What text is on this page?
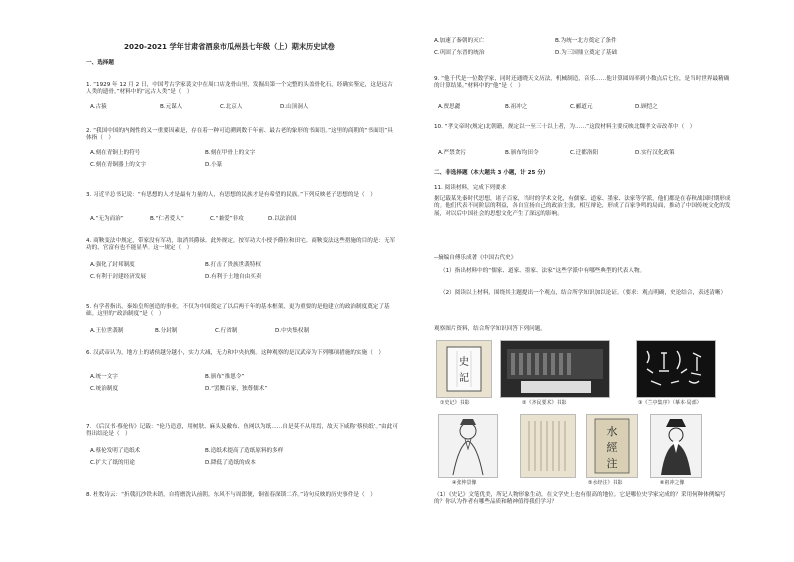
2020-2021 学年甘肃省酒泉市瓜州县七年级（上）期末历史试卷
一、选择题
1. “1929 年 12 月 2 日，中国考古学家裴文中在周口店龙骨山里，发掘出第一个完整的头盖骨化石，经确实鉴定，这是远古人类的遗骨。”材料中的“远古人类”是（　）
A.古猿	B.元谋人	C.北京人	D.山顶洞人
2. “我国中国的内阁性的又一重要因素是，存在着一种可追溯到数千年前、最古老的象形的书面语。”这里的商朝的“书面语”具体指（　）
A.刻在青铜上的符号	B.刻在甲骨上的文字
C.刻在青铜器上的文字	D.小篆
3. 习近平总书记说：“有思想的人才是最有力量的人，有思想的民族才是有希望的民族。”下列反映老子思想的是（　）
A.“无为而治”	B.“仁者爱人”	C.“兼爱”非攻	D.以法治国
4. 商鞅变法中规定，带家没有军功，取消其爵禄。此外规定，按军功大小授予爵位和田宅。商鞅变法这些措施的目的是：无军功的，官富有也不能显华。这一规定（　）
A.强化了封邦制度	B.打击了贵族世袭特权
C.有利于封建经济发展	D.有利于土地自由买卖
5. 有学者指出，秦始皇所创造的事业，不仅为中国奠定了以后两千年的基本框架，更为重要的是他建立的政治制度奠定了基础。这里的“政治制度”是（　）
A.王位世袭制	B.分封制	C.行省制	D.中央集权制
6. 汉武帝认为，地方上的诸侯越分越小，实力大减，无力和中央抗衡。这种观察的是汉武帝为下列哪项措施的实施（　）
A.统一文字	B.颁布“推恩令”
C.统治制度	D.“罢黜百家，独尊儒术”
7. 《后汉书·蔡伦传》记载：“伦乃造意，用树肤、麻头及敝布、鱼网以为纸……自是莫不从用焉，故天下咸称‘蔡侯纸’。”由此可得出结论是（　）
A.蔡伦发明了造纸术	B.造纸术提高了造纸原料的多样
C.扩大了纸的用途	D.降低了造纸的成本
8. 杜牧诗云：“折戟沉沙铁未销，自将磨洗认前朝。东风不与周郎便，铜雀春深锁二乔。”诗句反映的历史事件是（　）
A.加速了秦朝的灭亡	B.为统一北方奠定了条件
C.巩固了东晋的统治	D.为三国鼎立奠定了基础
9. “他千代是一位数学家，同时还通晓天文历法，机械制造，音乐……他计算圆周率到小数点后七位，是当时世界最精确的计算结果。”材料中的“他”是（　）
A.贾思勰	B.祖冲之	C.郦道元	D.顾恺之
10. “孝文帝时(规定)北朝籍，规定以一至三十以上者，为……”这段材料主要反映北魏孝文帝改革中（　）
A.严禁贪污	B.颁布均田令	C.迁都洛阳	D.实行汉化政策
二、非选择题（本大题共 3 小题，计 25 分）
11. 阅读材料，完成下列要求
据记载某先秦时代思想，诸子百家，当时的学术文化，有儒家、道家、墨家、法家等学派，他们都是在春秋战国时期形成的。他们代表不同阶层的利益，各自宣扬自己的政治主张，相互辩论，形成了百家争鸣的局面，推动了中国传统文化的发展，对以后中国社会的思想文化产生了深远的影响。
--摘编自傅乐成著《中国古代史》
（1）指出材料中的“儒家、道家、墨家、法家”这些学派中有哪些典型的代表人物。
（2）阅读以上材料，围绕其主题提出一个观点，结合所学知识加以论证。（要求：观点明确，史论结合，表述清晰）
观察图片资料，结合所学知识回答下列问题。
史
記
①史记》书影	②《齐民要术》书影	③《兰亭集序》（摹本·局部）
④张仲景像
水
經
注
⑤水经注》书影	⑥祖冲之像
（1）《史记》文笔优美，所记人物形象生动，在文学史上也有很高的地位。它是哪位史学家完成的？采用何种体例编写的？你认为作者有哪些品质和精神值得我们学习？
